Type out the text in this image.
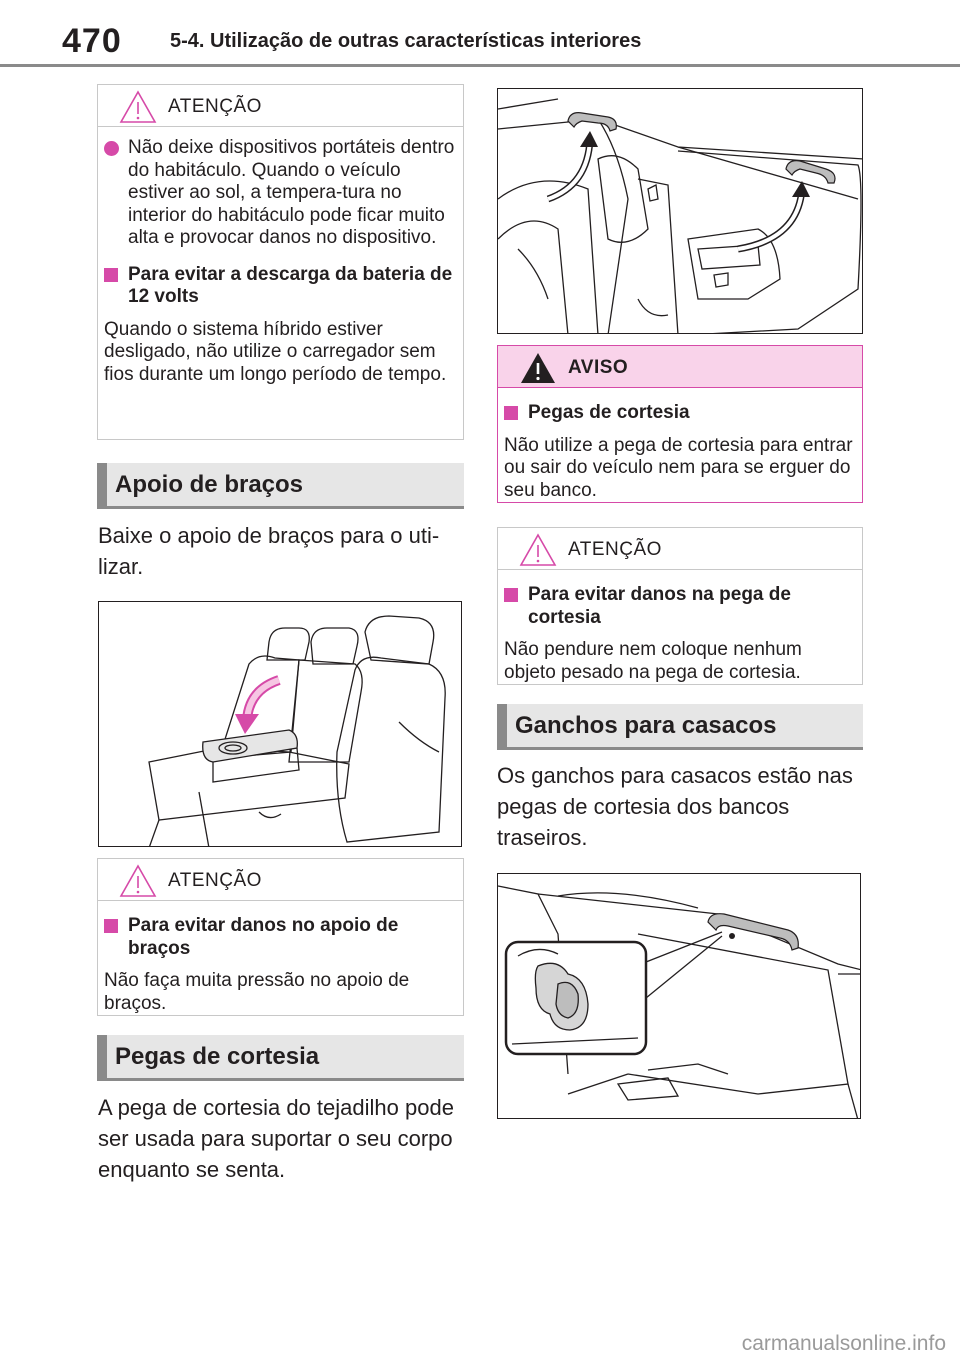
470 5-4. Utilização de outras características interiores
ATENÇÃO
Não deixe dispositivos portáteis dentro do habitáculo. Quando o veículo estiver ao sol, a tempera-tura no interior do habitáculo pode ficar muito alta e provocar danos no dispositivo.
Para evitar a descarga da bateria de 12 volts
Quando o sistema híbrido estiver desligado, não utilize o carregador sem fios durante um longo período de tempo.
Apoio de braços
Baixe o apoio de braços para o uti-lizar.
ATENÇÃO
Para evitar danos no apoio de braços
Não faça muita pressão no apoio de braços.
Pegas de cortesia
A pega de cortesia do tejadilho pode ser usada para suportar o seu corpo enquanto se senta.
AVISO
Pegas de cortesia
Não utilize a pega de cortesia para entrar ou sair do veículo nem para se erguer do seu banco.
ATENÇÃO
Para evitar danos na pega de cortesia
Não pendure nem coloque nenhum objeto pesado na pega de cortesia.
Ganchos para casacos
Os ganchos para casacos estão nas pegas de cortesia dos bancos traseiros.
carmanualsonline.info
